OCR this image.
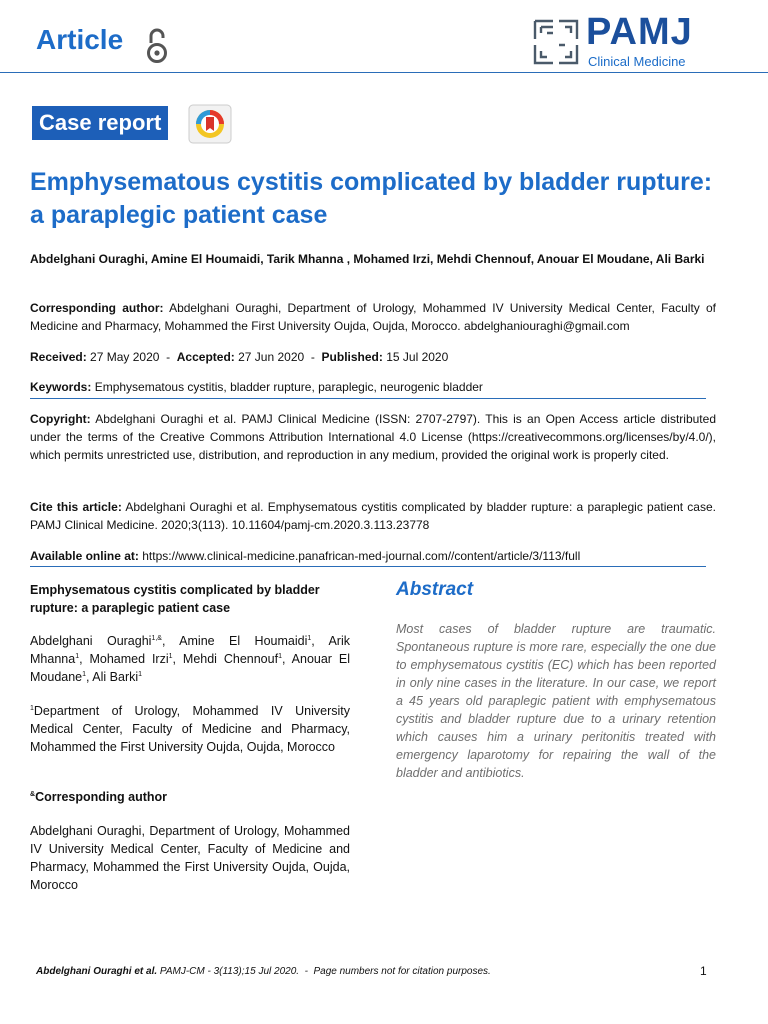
Article	PAMJ
Clinical Medicine
Case report
Emphysematous cystitis complicated by bladder rupture: a paraplegic patient case
Abdelghani Ouraghi, Amine El Houmaidi, Tarik Mhanna , Mohamed Irzi, Mehdi Chennouf, Anouar El Moudane, Ali Barki
Corresponding author: Abdelghani Ouraghi, Department of Urology, Mohammed IV University Medical Center, Faculty of Medicine and Pharmacy, Mohammed the First University Oujda, Oujda, Morocco. abdelghaniouraghi@gmail.com
Received: 27 May 2020  -  Accepted: 27 Jun 2020  -  Published: 15 Jul 2020
Keywords: Emphysematous cystitis, bladder rupture, paraplegic, neurogenic bladder
Copyright: Abdelghani Ouraghi et al. PAMJ Clinical Medicine (ISSN: 2707-2797). This is an Open Access article distributed under the terms of the Creative Commons Attribution International 4.0 License (https://creativecommons.org/licenses/by/4.0/), which permits unrestricted use, distribution, and reproduction in any medium, provided the original work is properly cited.
Cite this article: Abdelghani Ouraghi et al. Emphysematous cystitis complicated by bladder rupture: a paraplegic patient case. PAMJ Clinical Medicine. 2020;3(113). 10.11604/pamj-cm.2020.3.113.23778
Available online at: https://www.clinical-medicine.panafrican-med-journal.com//content/article/3/113/full
Emphysematous cystitis complicated by bladder rupture: a paraplegic patient case
Abdelghani Ouraghi$^{1,\&}$, Amine El Houmaidi$^1$, Arik Mhanna$^1$, Mohamed Irzi$^1$, Mehdi Chennouf$^1$, Anouar El Moudane$^1$, Ali Barki$^1$
$^1$Department of Urology, Mohammed IV University Medical Center, Faculty of Medicine and Pharmacy, Mohammed the First University Oujda, Oujda, Morocco
&Corresponding author
Abdelghani Ouraghi, Department of Urology, Mohammed IV University Medical Center, Faculty of Medicine and Pharmacy, Mohammed the First University Oujda, Oujda, Morocco
Abstract
Most cases of bladder rupture are traumatic. Spontaneous rupture is more rare, especially the one due to emphysematous cystitis (EC) which has been reported in only nine cases in the literature. In our case, we report a 45 years old paraplegic patient with emphysematous cystitis and bladder rupture due to a urinary retention which causes him a urinary peritonitis treated with emergency laparotomy for repairing the wall of the bladder and antibiotics.
Abdelghani Ouraghi et al. PAMJ-CM - 3(113);15 Jul 2020.  -  Page numbers not for citation purposes.	1
